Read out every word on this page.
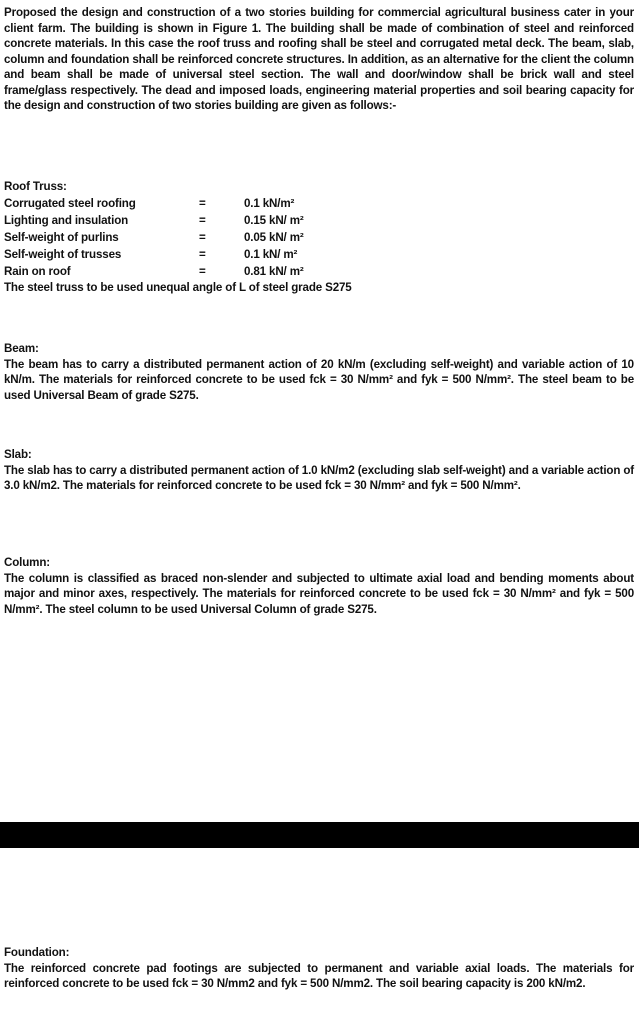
Proposed the design and construction of a two stories building for commercial agricultural business cater in your client farm. The building is shown in Figure 1. The building shall be made of combination of steel and reinforced concrete materials. In this case the roof truss and roofing shall be steel and corrugated metal deck. The beam, slab, column and foundation shall be reinforced concrete structures. In addition, as an alternative for the client the column and beam shall be made of universal steel section. The wall and door/window shall be brick wall and steel frame/glass respectively. The dead and imposed loads, engineering material properties and soil bearing capacity for the design and construction of two stories building are given as follows:-
Roof Truss:
Corrugated steel roofing	=	0.1 kN/m²
Lighting and insulation	=	0.15 kN/ m²
Self-weight of purlins	=	0.05 kN/ m²
Self-weight of trusses	=	0.1 kN/ m²
Rain on roof	=	0.81 kN/ m²
The steel truss to be used unequal angle of L of steel grade S275
Beam:
The beam has to carry a distributed permanent action of 20 kN/m (excluding self-weight) and variable action of 10 kN/m. The materials for reinforced concrete to be used fck = 30 N/mm² and fyk = 500 N/mm². The steel beam to be used Universal Beam of grade S275.
Slab:
The slab has to carry a distributed permanent action of 1.0 kN/m2 (excluding slab self-weight) and a variable action of 3.0 kN/m2. The materials for reinforced concrete to be used fck = 30 N/mm² and fyk = 500 N/mm².
Column:
The column is classified as braced non-slender and subjected to ultimate axial load and bending moments about major and minor axes, respectively. The materials for reinforced concrete to be used fck = 30 N/mm² and fyk = 500 N/mm². The steel column to be used Universal Column of grade S275.
Foundation:
The reinforced concrete pad footings are subjected to permanent and variable axial loads. The materials for reinforced concrete to be used fck = 30 N/mm2 and fyk = 500 N/mm2. The soil bearing capacity is 200 kN/m2.
